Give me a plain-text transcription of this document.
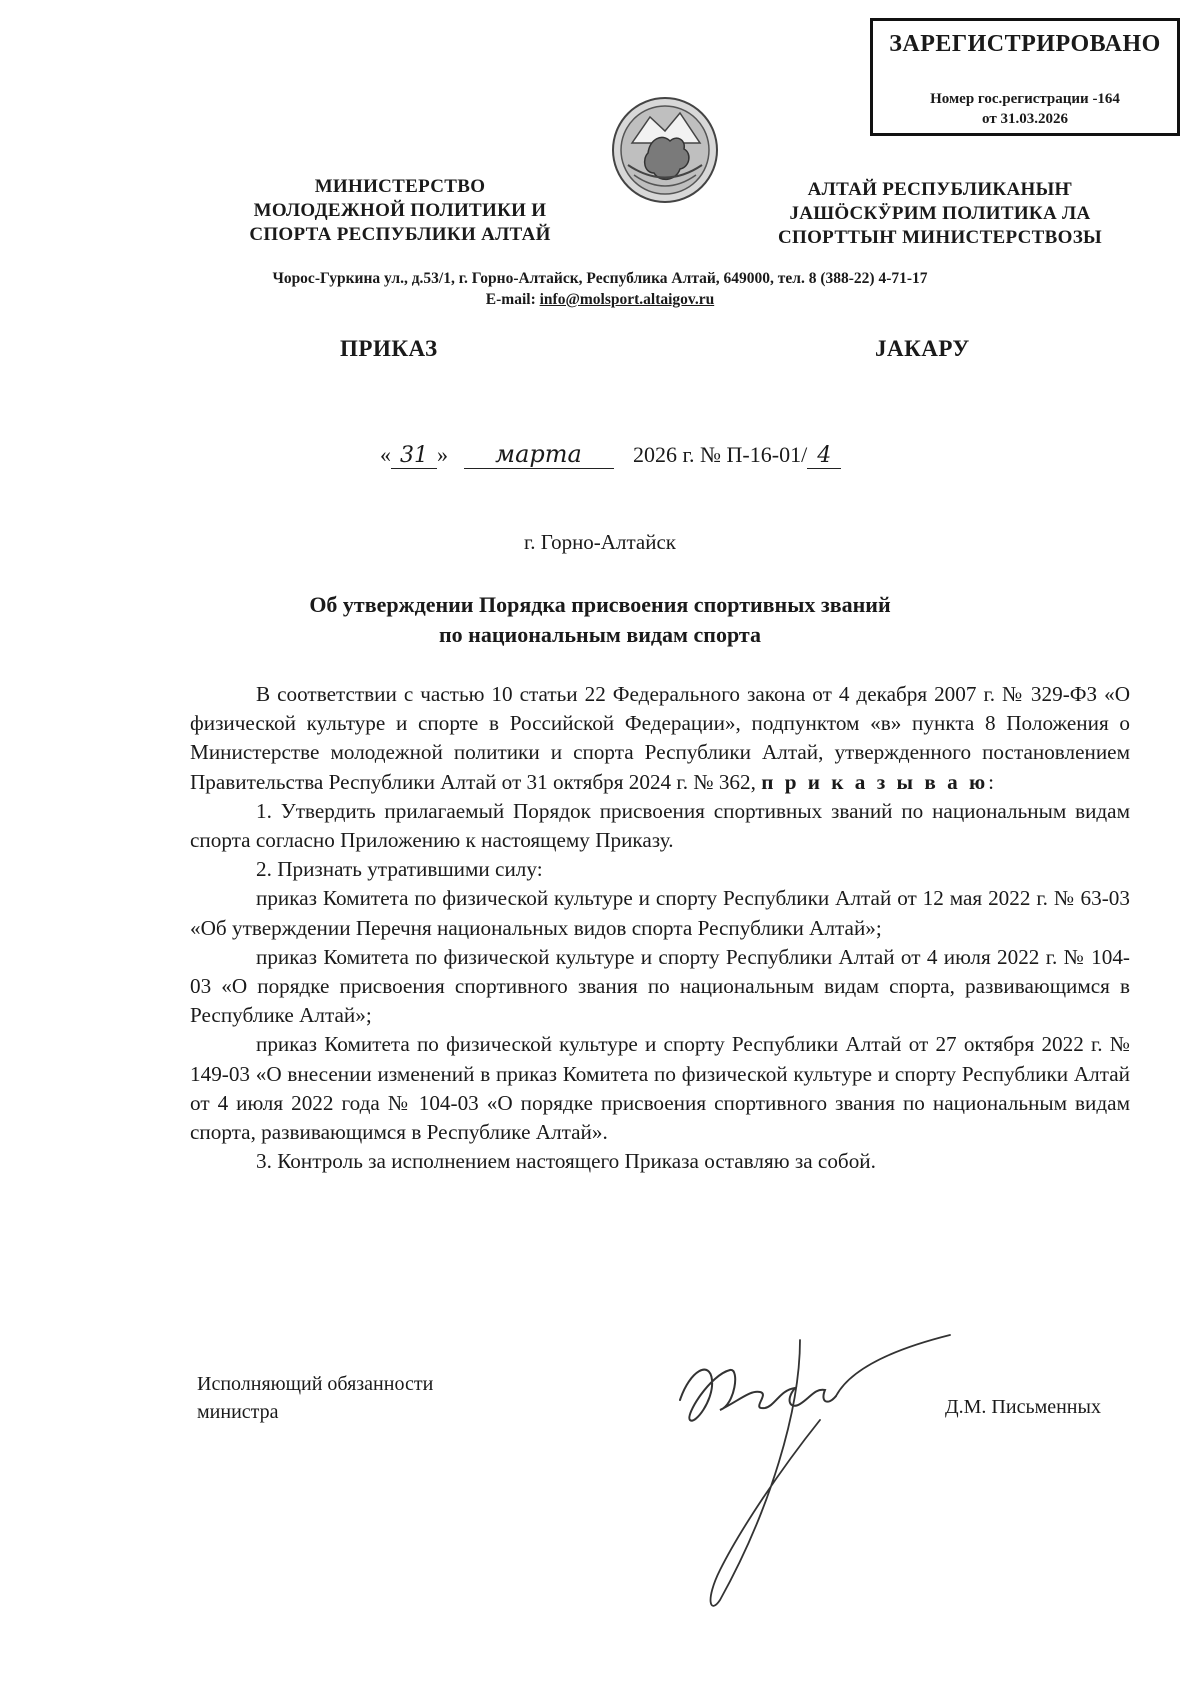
ЗАРЕГИСТРИРОВАНО
Номер гос.регистрации -164
от 31.03.2026
МИНИСТЕРСТВО
МОЛОДЕЖНОЙ ПОЛИТИКИ И
СПОРТА РЕСПУБЛИКИ АЛТАЙ
АЛТАЙ РЕСПУБЛИКАНЫҤ
ЈАШӦСКӰРИМ ПОЛИТИКА ЛА
СПОРТТЫҤ МИНИСТЕРСТВОЗЫ
Чорос-Гуркина ул., д.53/1, г. Горно-Алтайск, Республика Алтай, 649000, тел. 8 (388-22) 4-71-17
E-mail: info@molsport.altaigov.ru
ПРИКАЗ	ЈАКАРУ
« 31 » марта 2026 г. № П-16-01/ 4
г. Горно-Алтайск
Об утверждении Порядка присвоения спортивных званий
по национальным видам спорта

В соответствии с частью 10 статьи 22 Федерального закона от 4 декабря 2007 г. № 329-ФЗ «О физической культуре и спорте в Российской Федерации», подпунктом «в» пункта 8 Положения о Министерстве молодежной политики и спорта Республики Алтай, утвержденного постановлением Правительства Республики Алтай от 31 октября 2024 г. № 362, п р и к а з ы в а ю:

1. Утвердить прилагаемый Порядок присвоения спортивных званий по национальным видам спорта согласно Приложению к настоящему Приказу.

2. Признать утратившими силу:

приказ Комитета по физической культуре и спорту Республики Алтай от 12 мая 2022 г. № 63-03 «Об утверждении Перечня национальных видов спорта Республики Алтай»;

приказ Комитета по физической культуре и спорту Республики Алтай от 4 июля 2022 г. № 104-03 «О порядке присвоения спортивного звания по национальным видам спорта, развивающимся в Республике Алтай»;

приказ Комитета по физической культуре и спорту Республики Алтай от 27 октября 2022 г. № 149-03 «О внесении изменений в приказ Комитета по физической культуре и спорту Республики Алтай от 4 июля 2022 года № 104-03 «О порядке присвоения спортивного звания по национальным видам спорта, развивающимся в Республике Алтай».

3. Контроль за исполнением настоящего Приказа оставляю за собой.

Исполняющий обязанности
министра	Д.М. Письменных
